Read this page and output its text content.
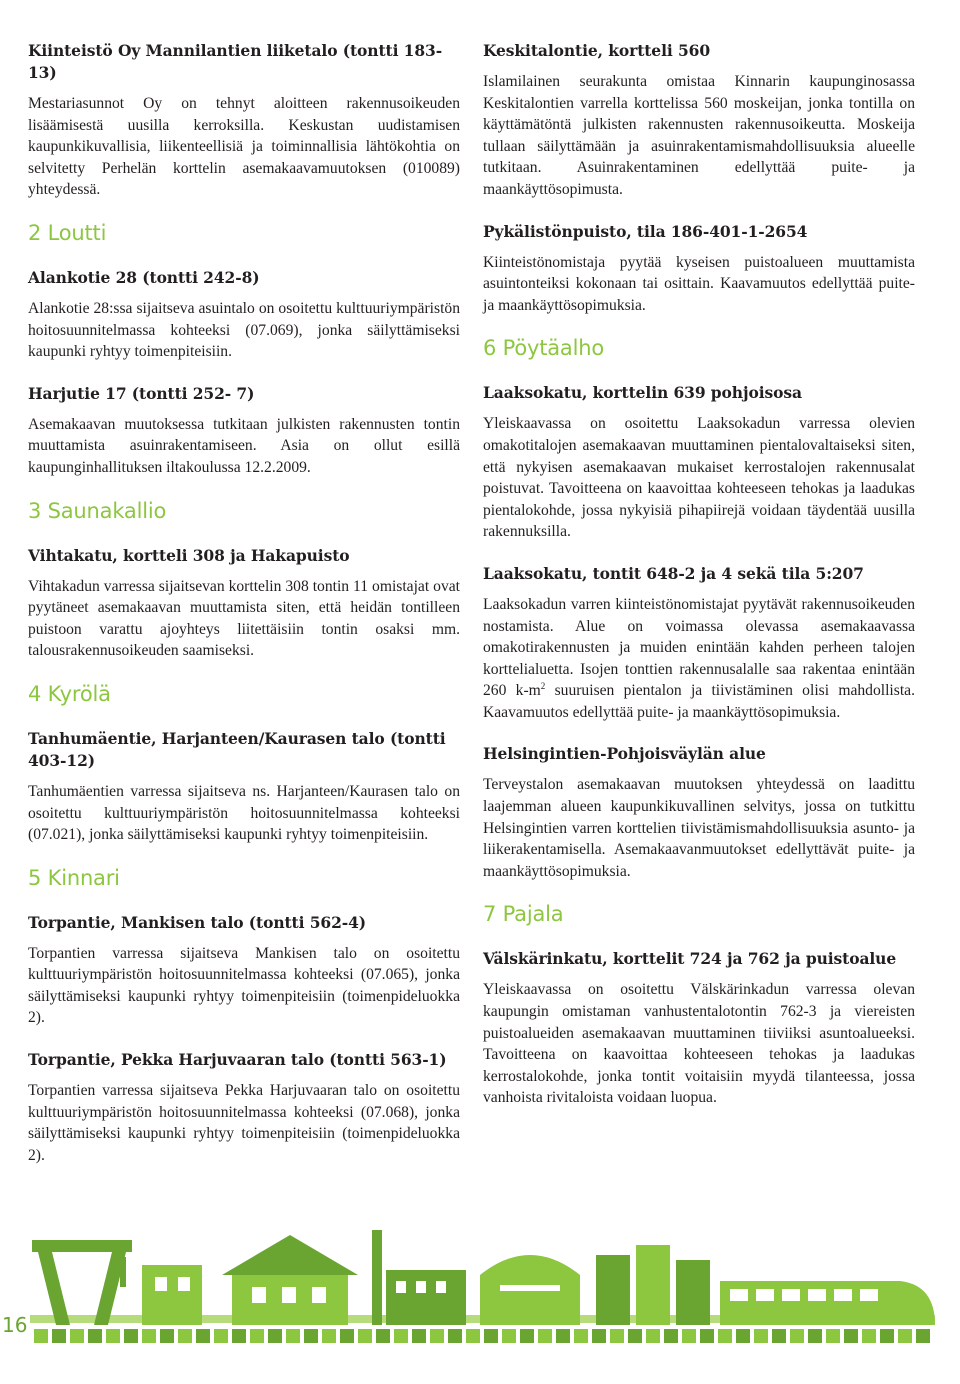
Kiinteistö Oy Mannilantien liiketalo (tontti 183-13)

Mestariasunnot Oy on tehnyt aloitteen rakennusoikeuden lisäämisestä uusilla kerroksilla. Keskustan uudistamisen kaupunkikuvallisia, liikenteellisiä ja toiminnallisia lähtökohtia on selvitetty Perhelän korttelin asemakaavamuutoksen (010089) yhteydessä.

2 Loutti
Alankotie 28 (tontti 242-8)

Alankotie 28:ssa sijaitseva asuintalo on osoitettu kulttuuriympäristön hoitosuunnitelmassa kohteeksi (07.069), jonka säilyttämiseksi kaupunki ryhtyy toimenpiteisiin.

Harjutie 17 (tontti 252- 7)

Asemakaavan muutoksessa tutkitaan julkisten rakennusten tontin muuttamista asuinrakentamiseen. Asia on ollut esillä kaupunginhallituksen iltakoulussa 12.2.2009.

3 Saunakallio
Vihtakatu, kortteli 308 ja Hakapuisto

Vihtakadun varressa sijaitsevan korttelin 308 tontin 11 omistajat ovat pyytäneet asemakaavan muuttamista siten, että heidän tontilleen puistoon varattu ajoyhteys liitettäisiin tontin osaksi mm. talousrakennusoikeuden saamiseksi.

4 Kyrölä
Tanhumäentie, Harjanteen/Kaurasen talo (tontti 403-12)

Tanhumäentien varressa sijaitseva ns. Harjanteen/Kaurasen talo on osoitettu kulttuuriympäristön hoitosuunnitelmassa kohteeksi (07.021), jonka säilyttämiseksi kaupunki ryhtyy toimenpiteisiin.

5 Kinnari
Torpantie, Mankisen talo (tontti 562-4)

Torpantien varressa sijaitseva Mankisen talo on osoitettu kulttuuriympäristön hoitosuunnitelmassa kohteeksi (07.065), jonka säilyttämiseksi kaupunki ryhtyy toimenpiteisiin (toimenpideluokka 2).

Torpantie, Pekka Harjuvaaran talo (tontti 563-1)

Torpantien varressa sijaitseva Pekka Harjuvaaran talo on osoitettu kulttuuriympäristön hoitosuunnitelmassa kohteeksi (07.068), jonka säilyttämiseksi kaupunki ryhtyy toimenpiteisiin (toimenpideluokka 2).

Keskitalontie, kortteli 560

Islamilainen seurakunta omistaa Kinnarin kaupunginosassa Keskitalontien varrella korttelissa 560 moskeijan, jonka tontilla on käyttämätöntä julkisten rakennusten rakennusoikeutta. Moskeija tullaan säilyttämään ja asuinrakentamismahdollisuuksia alueelle tutkitaan. Asuinrakentaminen edellyttää puite- ja maankäyttösopimusta.

Pykälistönpuisto, tila 186-401-1-2654

Kiinteistönomistaja pyytää kyseisen puistoalueen muuttamista asuintonteiksi kokonaan tai osittain. Kaavamuutos edellyttää puite- ja maankäyttösopimuksia.

6 Pöytäalho
Laaksokatu, korttelin 639 pohjoisosa

Yleiskaavassa on osoitettu Laaksokadun varressa olevien omakotitalojen asemakaavan muuttaminen pientalovaltaiseksi siten, että nykyisen asemakaavan mukaiset kerrostalojen rakennusalat poistuvat. Tavoitteena on kaavoittaa kohteeseen tehokas ja laadukas pientalokohde, jossa nykyisiä pihapiirejä voidaan täydentää uusilla rakennuksilla.

Laaksokatu, tontit 648-2 ja 4 sekä tila 5:207

Laaksokadun varren kiinteistönomistajat pyytävät rakennusoikeuden nostamista. Alue on voimassa olevassa asemakaavassa omakotirakennusten ja muiden enintään kahden perheen talojen korttelialuetta. Isojen tonttien rakennusalalle saa rakentaa enintään 260 $k-m^2$ suuruisen pientalon ja tiivistäminen olisi mahdollista. Kaavamuutos edellyttää puite- ja maankäyttösopimuksia.

Helsingintien-Pohjoisväylän alue

Terveystalon asemakaavan muutoksen yhteydessä on laadittu laajemman alueen kaupunkikuvallinen selvitys, jossa on tutkittu Helsingintien varren korttelien tiivistämismahdollisuuksia asunto- ja liikerakentamisella. Asemakaavanmuutokset edellyttävät puite- ja maankäyttösopimuksia.

7 Pajala
Välskärinkatu, korttelit 724 ja 762 ja puistoalue

Yleiskaavassa on osoitettu Välskärinkadun varressa olevan kaupungin omistaman vanhustentalotontin 762-3 ja viereisten puistoalueiden asemakaavan muuttaminen tiiviiksi asuntoalueeksi. Tavoitteena on kaavoittaa kohteeseen tehokas ja laadukas kerrostalokohde, jonka tontit voitaisiin myydä tilanteessa, jossa vanhoista rivitaloista voidaan luopua.

16
